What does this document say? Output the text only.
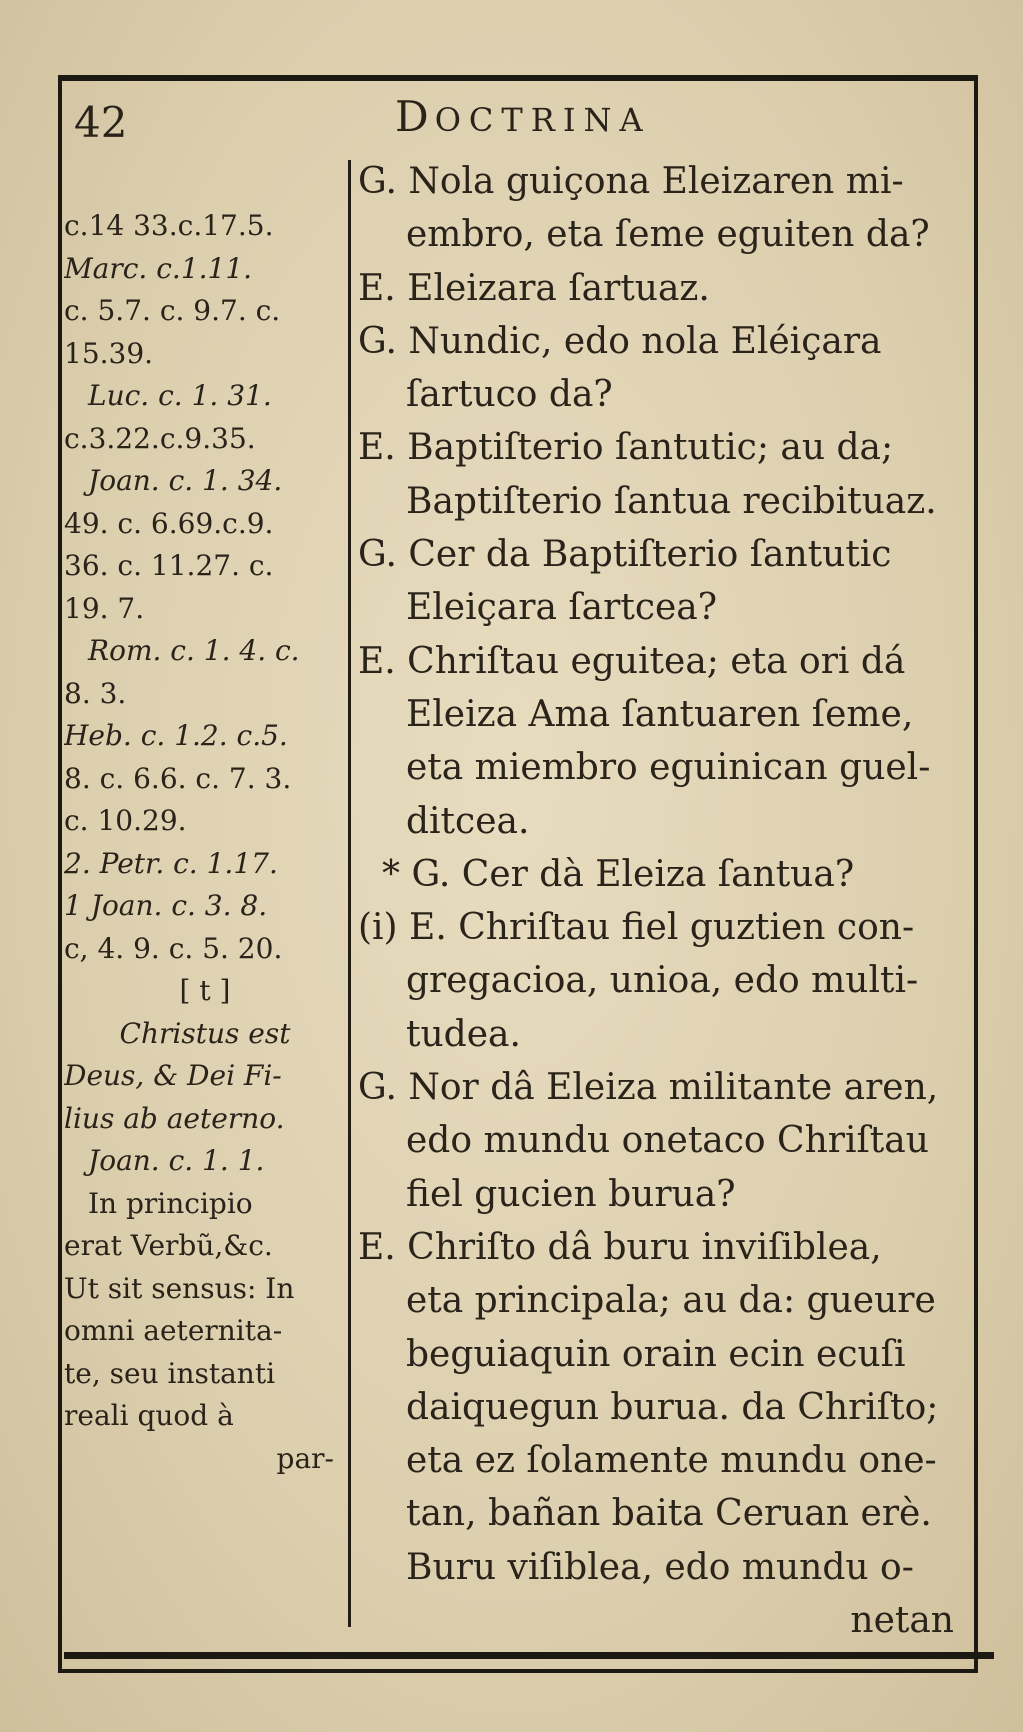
42	DOCTRINA
c.14 33.c.17.5.
Marc. c.1.11.
c. 5.7. c. 9.7. c.
15.39.
Luc. c. 1. 31.
c.3.22.c.9.35.
Joan. c. 1. 34.
49. c. 6.69.c.9.
36. c. 11.27. c.
19. 7.
Rom. c. 1. 4. c.
8. 3.
Heb. c. 1.2. c.5.
8. c. 6.6. c. 7. 3.
c. 10.29.
2. Petr. c. 1.17.
1 Joan. c. 3. 8.
c, 4. 9. c. 5. 20.
[ t ]
Christus est
Deus, & Dei Fi-
lius ab aeterno.
Joan. c. 1. 1.
In principio
erat Verbũ,&c.
Ut sit sensus: In
omni aeternita-
te, seu instanti
reali quod à
par-
G. Nola guiçona Eleizaren mi-
embro, eta ſeme eguiten da?
E. Eleizara ſartuaz.
G. Nundic, edo nola Eléiçara
ſartuco da?
E. Baptiſterio ſantutic; au da;
Baptiſterio ſantua recibituaz.
G. Cer da Baptiſterio ſantutic
Eleiçara ſartcea?
E. Chriſtau eguitea; eta ori dá
Eleiza Ama ſantuaren ſeme,
eta miembro eguinican guel-
ditcea.
* G. Cer dà Eleiza ſantua?
(i) E. Chriſtau fiel guztien con-
gregacioa, unioa, edo multi-
tudea.
G. Nor dâ Eleiza militante aren,
edo mundu onetaco Chriſtau
fiel gucien burua?
E. Chriſto dâ buru inviſiblea,
eta principala; au da: gueure
beguiaquin orain ecin ecuſi
daiquegun burua. da Chriſto;
eta ez ſolamente mundu one-
tan, bañan baita Ceruan erè.
Buru viſiblea, edo mundu o-
netan
